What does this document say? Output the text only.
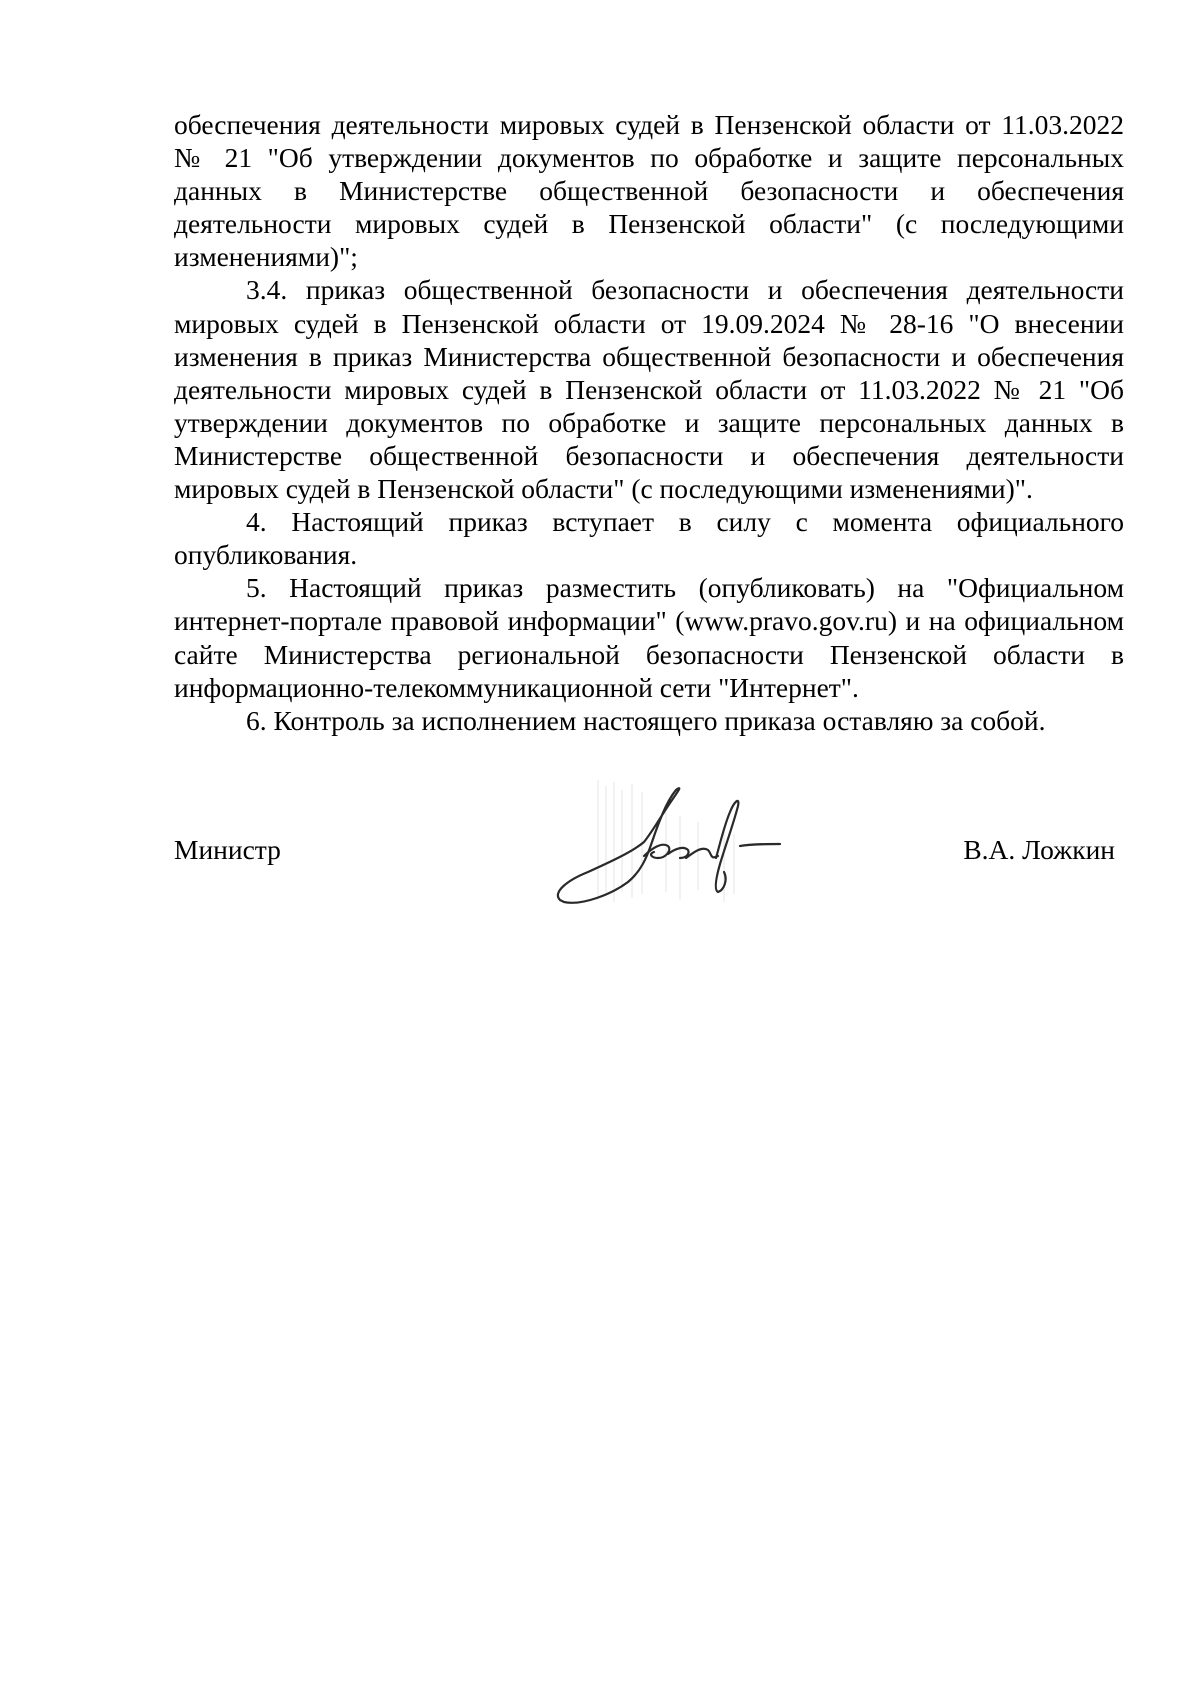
обеспечения деятельности мировых судей в Пензенской области от 11.03.2022 № 21 "Об утверждении документов по обработке и защите персональных данных в Министерстве общественной безопасности и обеспечения деятельности мировых судей в Пензенской области" (с последующими изменениями)";

3.4. приказ общественной безопасности и обеспечения деятельности мировых судей в Пензенской области от 19.09.2024 № 28-16 "О внесении изменения в приказ Министерства общественной безопасности и обеспечения деятельности мировых судей в Пензенской области от 11.03.2022 № 21 "Об утверждении документов по обработке и защите персональных данных в Министерстве общественной безопасности и обеспечения деятельности мировых судей в Пензенской области" (с последующими изменениями)".

4. Настоящий приказ вступает в силу с момента официального опубликования.

5. Настоящий приказ разместить (опубликовать) на "Официальном интернет-портале правовой информации" (www.pravo.gov.ru) и на официальном сайте Министерства региональной безопасности Пензенской области в информационно-телекоммуникационной сети "Интернет".

6. Контроль за исполнением настоящего приказа оставляю за собой.

Министр	В.А. Ложкин
